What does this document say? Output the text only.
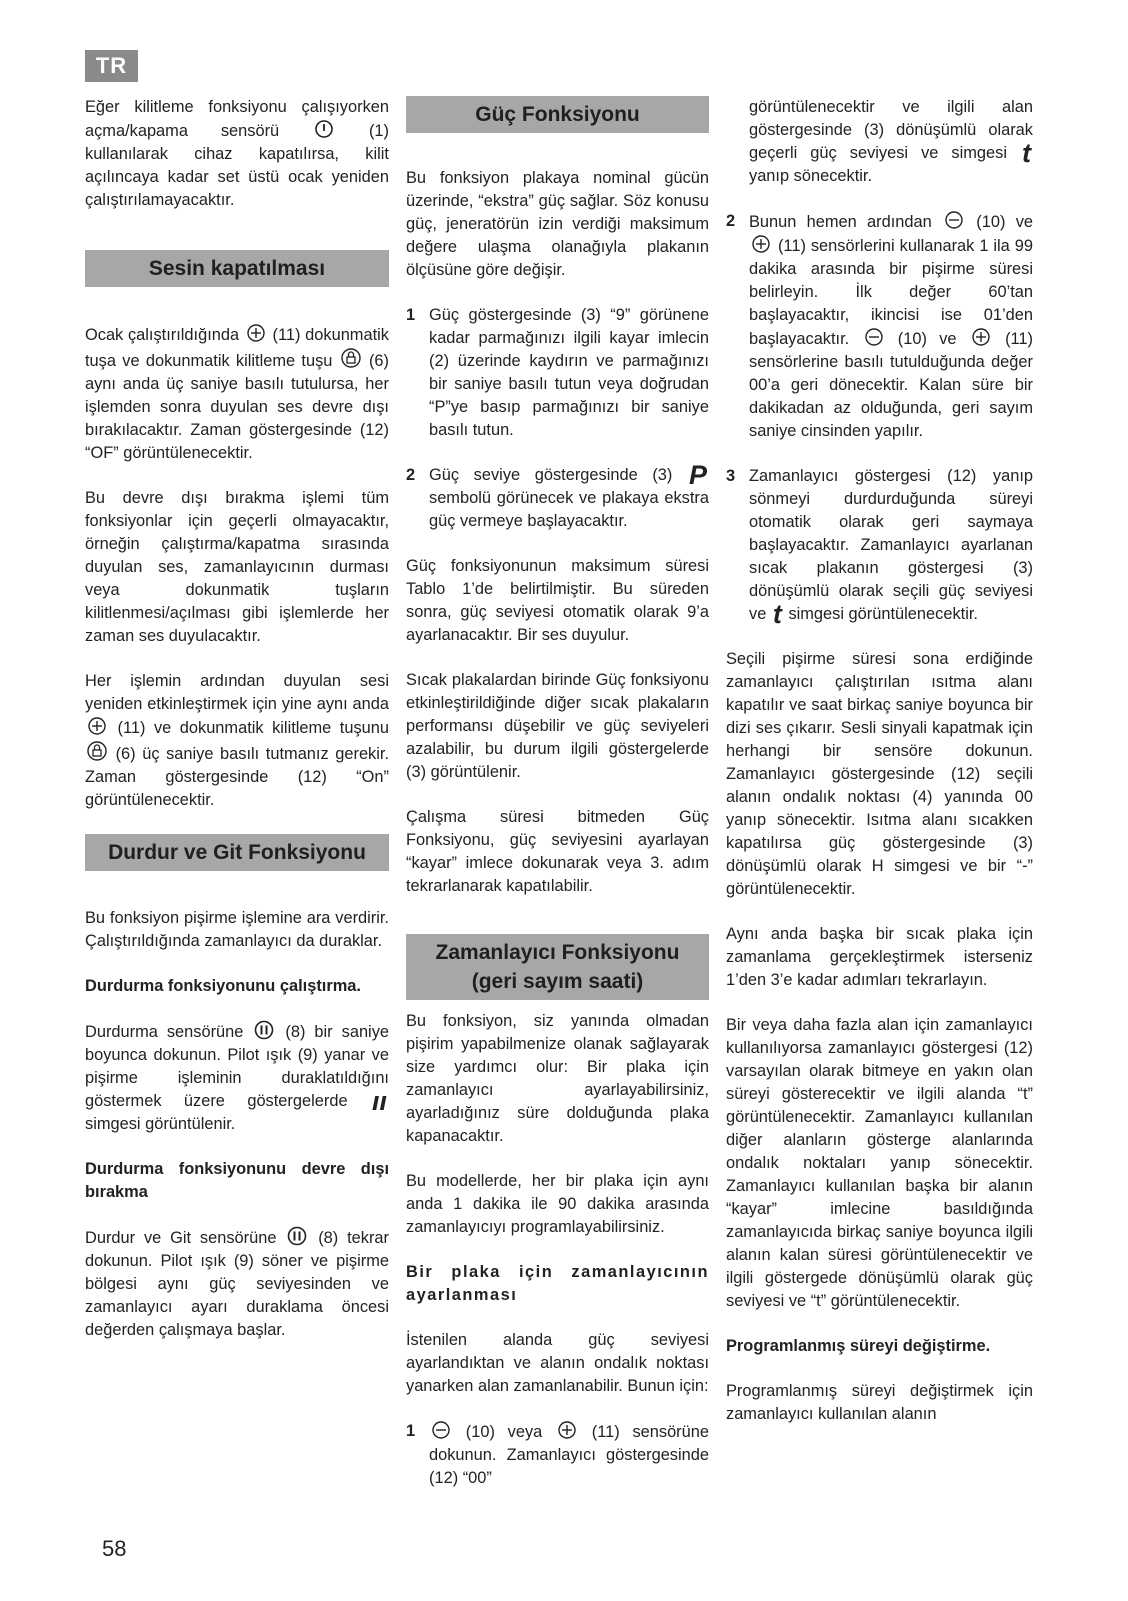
TR

Eğer kilitleme fonksiyonu çalışıyorken açma/kapama sensörü	(1) kullanılarak cihaz kapatılırsa, kilit açılıncaya kadar set üstü ocak yeniden çalıştırılamayacaktır.

Sesin kapatılması

Ocak çalıştırıldığında (11) dokunmatik tuşa ve dokunmatik kilitleme tuşu (6) aynı anda üç saniye basılı tutulursa, her işlemden sonra duyulan ses devre dışı bırakılacaktır. Zaman göstergesinde (12) “OF” görüntülenecektir.

Bu devre dışı bırakma işlemi tüm fonksiyonlar için geçerli olmayacaktır, örneğin çalıştırma/kapatma sırasında duyulan ses, zamanlayıcının durması veya dokunmatik tuşların kilitlenmesi/açılması gibi işlemlerde her zaman ses duyulacaktır.

Her işlemin ardından duyulan sesi yeniden etkinleştirmek için yine aynı anda  (11) ve dokunmatik kilitleme tuşunu  (6) üç saniye basılı tutmanız gerekir. Zaman göstergesinde (12) “On” görüntülenecektir.

Durdur ve Git Fonksiyonu

Bu fonksiyon pişirme işlemine ara verdirir. Çalıştırıldığında zamanlayıcı da duraklar.

Durdurma fonksiyonunu çalıştırma.

Durdurma sensörüne	(8) bir saniye boyunca dokunun. Pilot ışık (9) yanar ve pişirme işleminin duraklatıldığını göstermek üzere göstergelerde ıı simgesi görüntülenir.

Durdurma fonksiyonunu devre dışı bırakma

Durdur ve Git sensörüne	(8) tekrar dokunun. Pilot ışık (9) söner ve pişirme bölgesi aynı güç seviyesinden ve zamanlayıcı ayarı duraklama öncesi değerden çalışmaya başlar.

Güç Fonksiyonu

Bu fonksiyon plakaya nominal gücün üzerinde, “ekstra” güç sağlar. Söz konusu güç, jeneratörün izin verdiği maksimum değere ulaşma olanağıyla plakanın ölçüsüne göre değişir.

1 Güç göstergesinde (3) “9” görünene kadar parmağınızı ilgili kayar imlecin (2) üzerinde kaydırın ve parmağınızı bir saniye basılı tutun veya doğrudan “P”ye basıp parmağınızı bir saniye basılı tutun.
2 Güç seviye göstergesinde (3) P sembolü görünecek ve plakaya ekstra güç vermeye başlayacaktır.

Güç fonksiyonunun maksimum süresi Tablo 1’de belirtilmiştir. Bu süreden sonra, güç seviyesi otomatik olarak 9’a ayarlanacaktır. Bir ses duyulur.

Sıcak plakalardan birinde Güç fonksiyonu etkinleştirildiğinde diğer sıcak plakaların performansı düşebilir ve güç seviyeleri azalabilir, bu durum ilgili göstergelerde (3) görüntülenir.

Çalışma süresi bitmeden Güç Fonksiyonu, güç seviyesini ayarlayan “kayar” imlece dokunarak veya 3. adım tekrarlanarak kapatılabilir.

Zamanlayıcı Fonksiyonu
(geri sayım saati)

Bu fonksiyon, siz yanında olmadan pişirim yapabilmenize olanak sağlayarak size yardımcı olur: Bir plaka için zamanlayıcı ayarlayabilirsiniz, ayarladığınız süre dolduğunda plaka kapanacaktır.

Bu modellerde, her bir plaka için aynı anda 1 dakika ile 90 dakika arasında zamanlayıcıyı programlayabilirsiniz.

Bir plaka için zamanlayıcının ayarlanması

İstenilen alanda güç seviyesi ayarlandıktan ve alanın ondalık noktası yanarken alan zamanlanabilir. Bunun için:

1	(10) veya	(11) sensörüne dokunun. Zamanlayıcı göstergesinde (12) “00”

görüntülenecektir ve ilgili alan göstergesinde (3) dönüşümlü olarak geçerli güç seviyesi ve simgesi t yanıp sönecektir.

2 Bunun hemen ardından	(10) ve  (11) sensörlerini kullanarak 1 ila 99 dakika arasında bir pişirme süresi belirleyin. İlk değer 60’tan başlayacaktır, ikincisi ise 01’den başlayacaktır.	(10) ve	(11) sensörlerine basılı tutulduğunda değer 00’a geri dönecektir. Kalan süre bir dakikadan az olduğunda, geri sayım saniye cinsinden yapılır.
3 Zamanlayıcı göstergesi (12) yanıp sönmeyi durdurduğunda süreyi otomatik olarak geri saymaya başlayacaktır. Zamanlayıcı ayarlanan sıcak plakanın göstergesi (3) dönüşümlü olarak seçili güç seviyesi ve t simgesi görüntülenecektir.

Seçili pişirme süresi sona erdiğinde zamanlayıcı çalıştırılan ısıtma alanı kapatılır ve saat birkaç saniye boyunca bir dizi ses çıkarır. Sesli sinyali kapatmak için herhangi bir sensöre dokunun. Zamanlayıcı göstergesinde (12) seçili alanın ondalık noktası (4) yanında 00 yanıp sönecektir. Isıtma alanı sıcakken kapatılırsa güç göstergesinde (3) dönüşümlü olarak H simgesi ve bir “-” görüntülenecektir.

Aynı anda başka bir sıcak plaka için zamanlama gerçekleştirmek isterseniz 1’den 3’e kadar adımları tekrarlayın.

Bir veya daha fazla alan için zamanlayıcı kullanılıyorsa zamanlayıcı göstergesi (12) varsayılan olarak bitmeye en yakın olan süreyi gösterecektir ve ilgili alanda “t” görüntülenecektir. Zamanlayıcı kullanılan diğer alanların gösterge alanlarında ondalık noktaları yanıp sönecektir. Zamanlayıcı kullanılan başka bir alanın “kayar” imlecine basıldığında zamanlayıcıda birkaç saniye boyunca ilgili alanın kalan süresi görüntülenecektir ve ilgili göstergede dönüşümlü olarak güç seviyesi ve “t” görüntülenecektir.

Programlanmış süreyi değiştirme.

Programlanmış süreyi değiştirmek için zamanlayıcı kullanılan alanın

58
